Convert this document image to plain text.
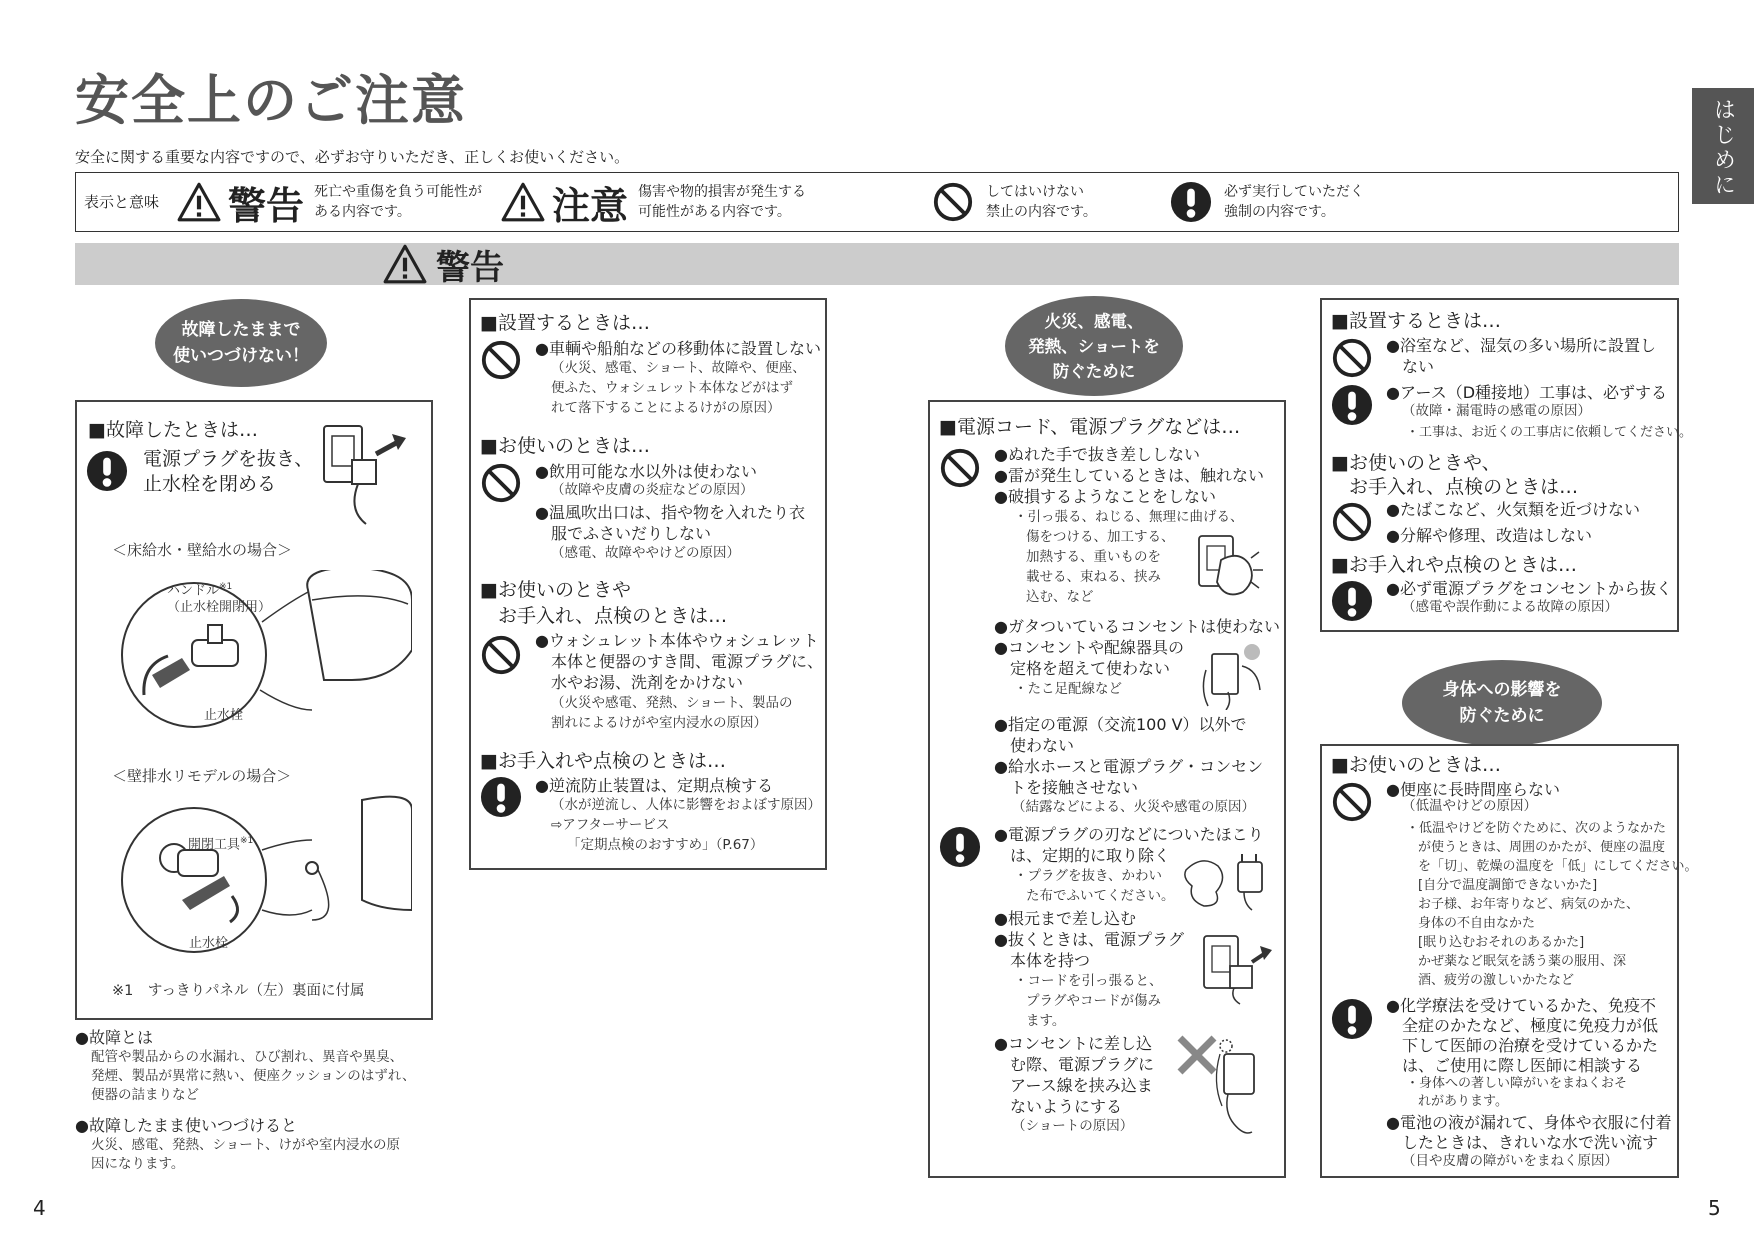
安全上のご注意
安全に関する重要な内容ですので、必ずお守りいただき、正しくお使いください。	はじめに
表示と意味 警告 死亡や重傷を負う可能性が
ある内容です。	注意 傷害や物的損害が発生する
可能性がある内容です。
してはいけない
禁止の内容です。
必ず実行していただく
強制の内容です。
警告
故障したままで
使いつづけない！
■故障したときは…
電源プラグを抜き、
止水栓を閉める
＜床給水・壁給水の場合＞
ハンドル$^{※1}$
（止水栓開閉用）
止水栓
＜壁排水リモデルの場合＞
開閉工具$^{※1}$
止水栓
※1　すっきりパネル（左）裏面に付属
● 故障とは
配管や製品からの水漏れ、ひび割れ、異音や異臭、
発煙、製品が異常に熱い、便座クッションのはずれ、
便器の詰まりなど
● 故障したまま使いつづけると
火災、感電、発熱、ショート、けがや室内浸水の原
因になります。
■設置するときは…
● 車輌や船舶などの移動体に設置しない
（火災、感電、ショート、故障や、便座、
便ふた、ウォシュレット本体などがはず
れて落下することによるけがの原因）
■お使いのときは…
● 飲用可能な水以外は使わない
（故障や皮膚の炎症などの原因）
● 温風吹出口は、指や物を入れたり衣
服でふさいだりしない
（感電、故障ややけどの原因）
■お使いのときや
お手入れ、点検のときは…
● ウォシュレット本体やウォシュレット
本体と便器のすき間、電源プラグに、
水やお湯、洗剤をかけない
（火災や感電、発熱、ショート、製品の
割れによるけがや室内浸水の原因）
■お手入れや点検のときは…
● 逆流防止装置は、定期点検する
（水が逆流し、人体に影響をおよぼす原因）
⇨アフターサービス
「定期点検のおすすめ」（P.67）
火災、感電、
発熱、ショートを
防ぐために
■電源コード、電源プラグなどは…
● ぬれた手で抜き差ししない
● 雷が発生しているときは、触れない
● 破損するようなことをしない
・引っ張る、ねじる、無理に曲げる、
傷をつける、加工する、
加熱する、重いものを
載せる、束ねる、挟み
込む、など
● ガタついているコンセントは使わない
● コンセントや配線器具の
定格を超えて使わない
・たこ足配線など
● 指定の電源（交流100 V）以外で
使わない
● 給水ホースと電源プラグ・コンセン
トを接触させない
（結露などによる、火災や感電の原因）
● 電源プラグの刃などについたほこり
は、定期的に取り除く
・プラグを抜き、かわい
た布でふいてください。
● 根元まで差し込む
● 抜くときは、電源プラグ
本体を持つ
・コードを引っ張ると、
プラグやコードが傷み
ます。
● コンセントに差し込
む際、電源プラグに
アース線を挟み込ま
ないようにする
（ショートの原因）
■設置するときは…
● 浴室など、湿気の多い場所に設置し
ない
● アース（D種接地）工事は、必ずする
（故障・漏電時の感電の原因）
・工事は、お近くの工事店に依頼してください。
■お使いのときや、
お手入れ、点検のときは…
● たばこなど、火気類を近づけない
● 分解や修理、改造はしない
■お手入れや点検のときは…
● 必ず電源プラグをコンセントから抜く
（感電や誤作動による故障の原因）
身体への影響を
防ぐために
■お使いのときは…
● 便座に長時間座らない
（低温やけどの原因）
・低温やけどを防ぐために、次のようなかた
が使うときは、周囲のかたが、便座の温度
を「切」、乾燥の温度を「低」にしてください。
[自分で温度調節できないかた]
お子様、お年寄りなど、病気のかた、
身体の不自由なかた
[眠り込むおそれのあるかた]
かぜ薬など眠気を誘う薬の服用、深
酒、疲労の激しいかたなど
● 化学療法を受けているかた、免疫不
全症のかたなど、極度に免疫力が低
下して医師の治療を受けているかた
は、ご使用に際し医師に相談する
・身体への著しい障がいをまねくおそ
れがあります。
● 電池の液が漏れて、身体や衣服に付着
したときは、きれいな水で洗い流す
（目や皮膚の障がいをまねく原因）
4	5
